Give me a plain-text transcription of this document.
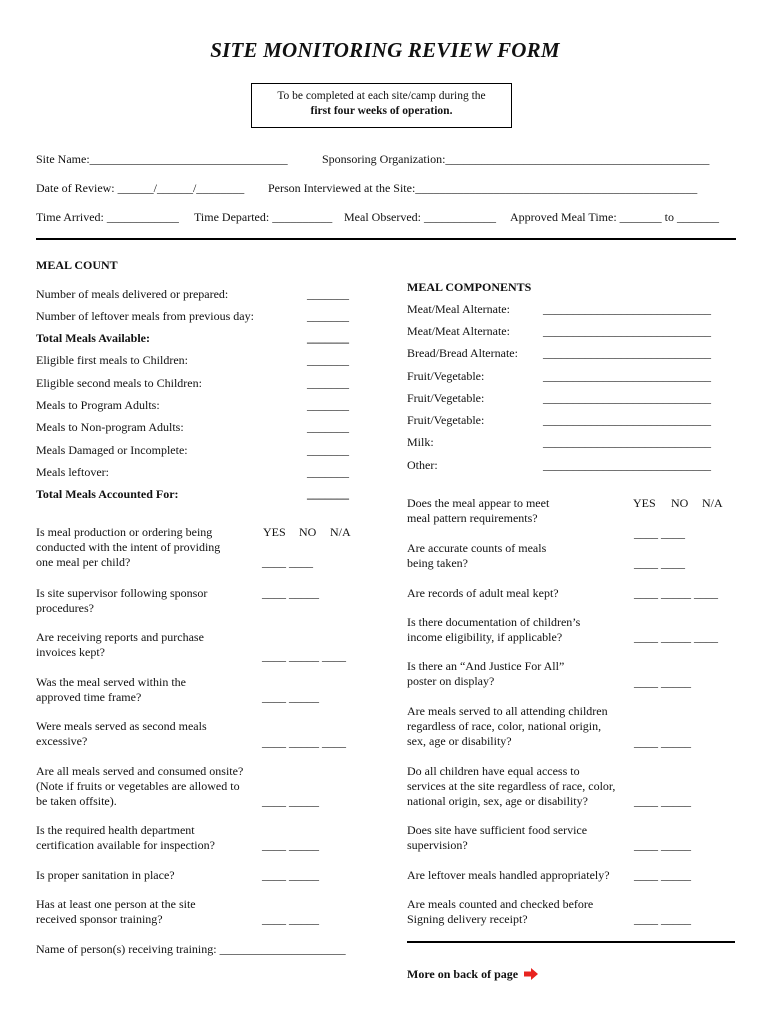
SITE MONITORING REVIEW FORM
To be completed at each site/camp during the
first four weeks of operation.
Site Name:_________________________________	Sponsoring Organization:____________________________________________
Date of Review: ______/______/________ Person Interviewed at the Site:_______________________________________________
Time Arrived: ____________ Time Departed: __________ Meal Observed: ____________ Approved Meal Time: _______ to _______
MEAL COUNT
Number of meals delivered or prepared:	_______
Number of leftover meals from previous day:	_______
Total Meals Available:	_______
Eligible first meals to Children:	_______
Eligible second meals to Children:	_______
Meals to Program Adults:	_______
Meals to Non-program Adults:	_______
Meals Damaged or Incomplete:	_______
Meals leftover:	_______
Total Meals Accounted For:	_______
MEAL COMPONENTS
Meat/Meal Alternate:	____________________________
Meat/Meat Alternate:	____________________________
Bread/Bread Alternate: ____________________________
Fruit/Vegetable:	____________________________
Fruit/Vegetable:	____________________________
Fruit/Vegetable:	____________________________
Milk:	____________________________
Other:	____________________________
YES NO N/A
Is meal production or ordering being
conducted with the intent of providing
one meal per child?	____ ____
Is site supervisor following sponsor
procedures?
____ _____
Are receiving reports and purchase
invoices kept?	____ _____ ____
Was the meal served within the
approved time frame?	____ _____
Were meals served as second meals
excessive?	____ _____ ____
Are all meals served and consumed onsite?
(Note if fruits or vegetables are allowed to
be taken offsite).	____ _____
Is the required health department
certification available for inspection?	____ _____
Is proper sanitation in place?	____ _____
Has at least one person at the site
received sponsor training?	____ _____
Name of person(s) receiving training: _____________________
YES NO N/A
Does the meal appear to meet
meal pattern requirements?
____ ____
Are accurate counts of meals
being taken?	____ ____
Are records of adult meal kept?	____ _____ ____
Is there documentation of children’s
income eligibility, if applicable?	____ _____ ____
Is there an “And Justice For All”
poster on display?	____ _____
Are meals served to all attending children
regardless of race, color, national origin,
sex, age or disability?	____ _____
Do all children have equal access to
services at the site regardless of race, color,
national origin, sex, age or disability?	____ _____
Does site have sufficient food service
supervision?	____ _____
Are leftover meals handled appropriately? ____ _____
Are meals counted and checked before
Signing delivery receipt?	____ _____
More on back of page
